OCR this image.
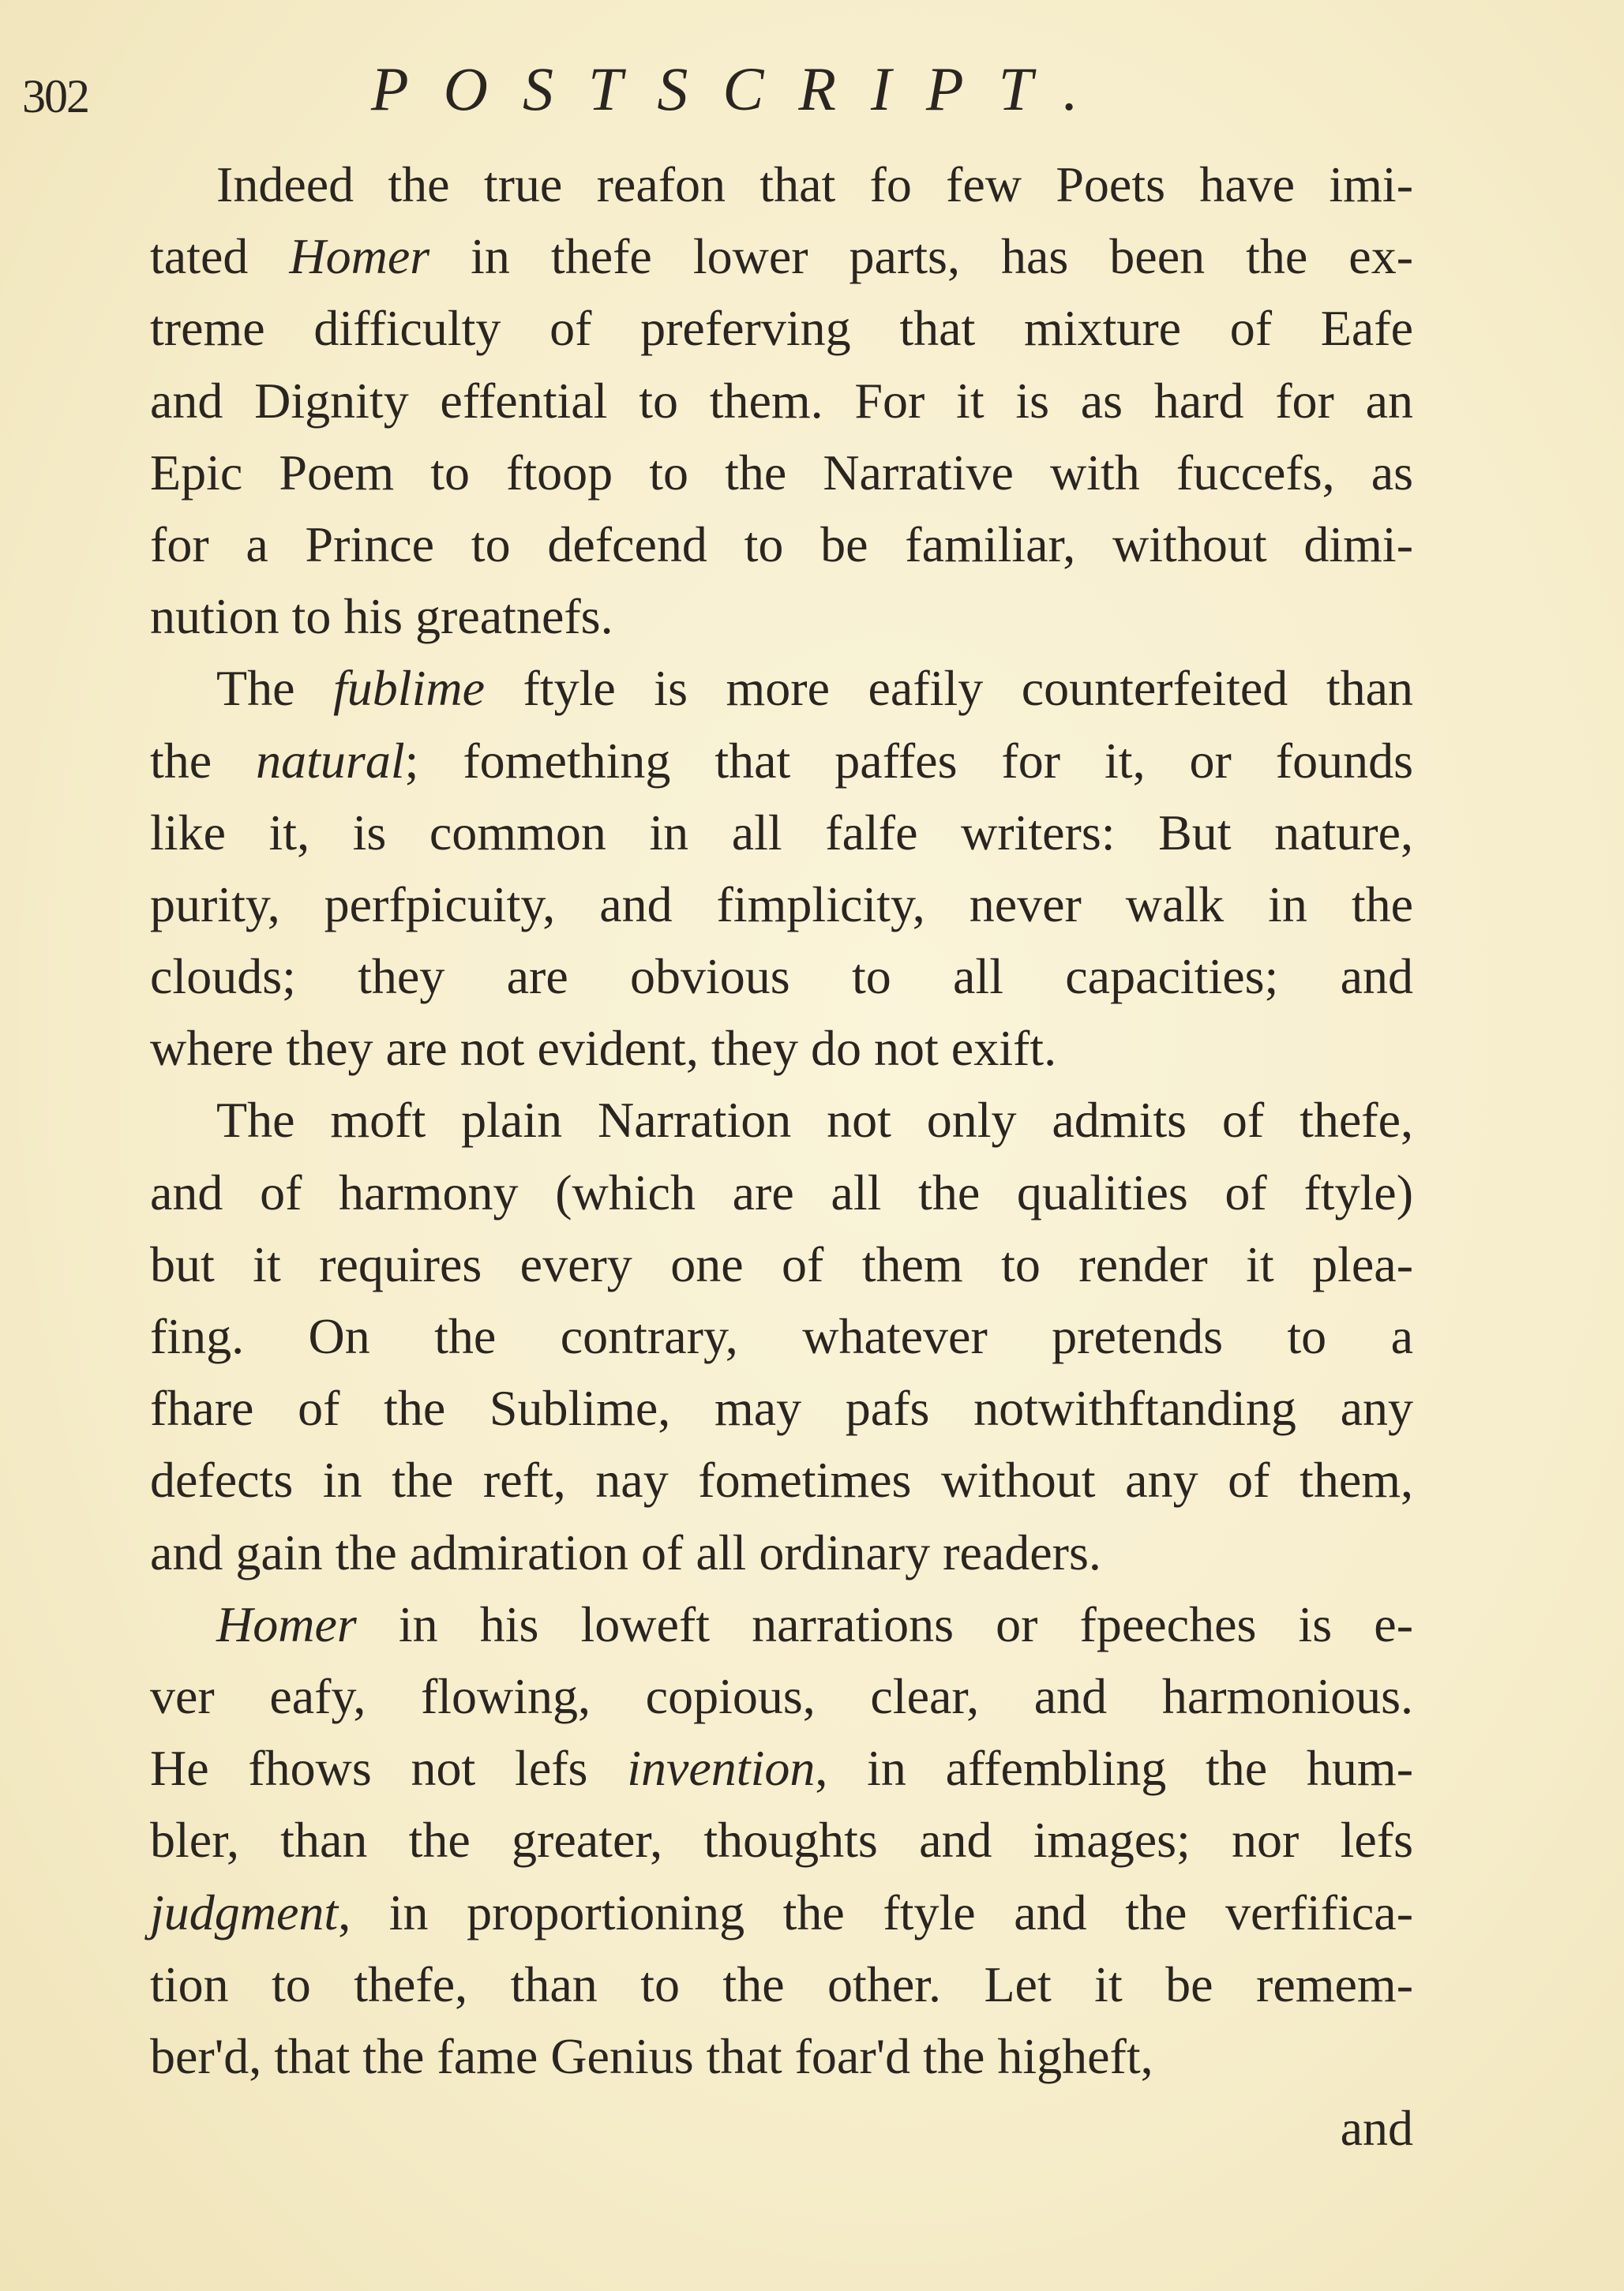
302	POSTSCRIPT.
Indeed the true reafon that fo few Poets have imi-
tated Homer in thefe lower parts, has been the ex-
treme difficulty of preferving that mixture of Eafe
and Dignity effential to them. For it is as hard for an
Epic Poem to ftoop to the Narrative with fuccefs, as
for a Prince to defcend to be familiar, without dimi-
nution to his greatnefs.
The fublime ftyle is more eafily counterfeited than
the natural; fomething that paffes for it, or founds
like it, is common in all falfe writers: But nature,
purity, perfpicuity, and fimplicity, never walk in the
clouds; they are obvious to all capacities; and
where they are not evident, they do not exift.
The moft plain Narration not only admits of thefe,
and of harmony (which are all the qualities of ftyle)
but it requires every one of them to render it plea-
fing. On the contrary, whatever pretends to a
fhare of the Sublime, may pafs notwithftanding any
defects in the reft, nay fometimes without any of them,
and gain the admiration of all ordinary readers.
Homer in his loweft narrations or fpeeches is e-
ver eafy, flowing, copious, clear, and harmonious.
He fhows not lefs invention, in affembling the hum-
bler, than the greater, thoughts and images; nor lefs
judgment, in proportioning the ftyle and the verfifica-
tion to thefe, than to the other. Let it be remem-
ber'd, that the fame Genius that foar'd the higheft,
and
